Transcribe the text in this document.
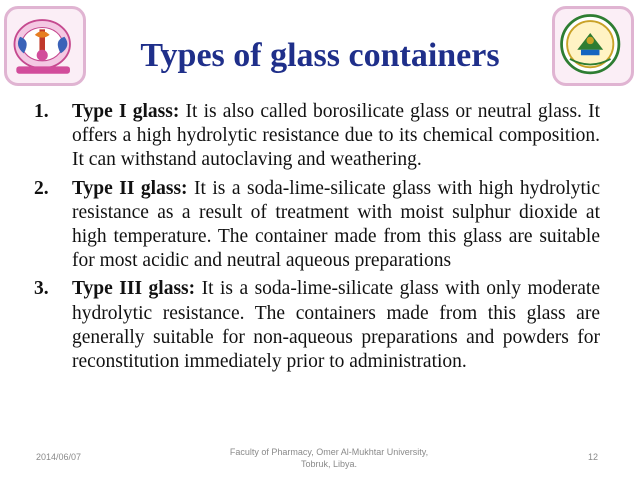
Types of glass containers
1. Type I glass: It is also called borosilicate glass or neutral glass. It offers a high hydrolytic resistance due to its chemical composition. It can withstand autoclaving and weathering.
2. Type II glass: It is a soda-lime-silicate glass with high hydrolytic resistance as a result of treatment with moist sulphur dioxide at high temperature. The container made from this glass are suitable for most acidic and neutral aqueous preparations
3. Type III glass: It is a soda-lime-silicate glass with only moderate hydrolytic resistance. The containers made from this glass are generally suitable for non-aqueous preparations and powders for reconstitution immediately prior to administration.
2014/06/07	Faculty of Pharmacy, Omer Al-Mukhtar University,
Tobruk, Libya.
12
